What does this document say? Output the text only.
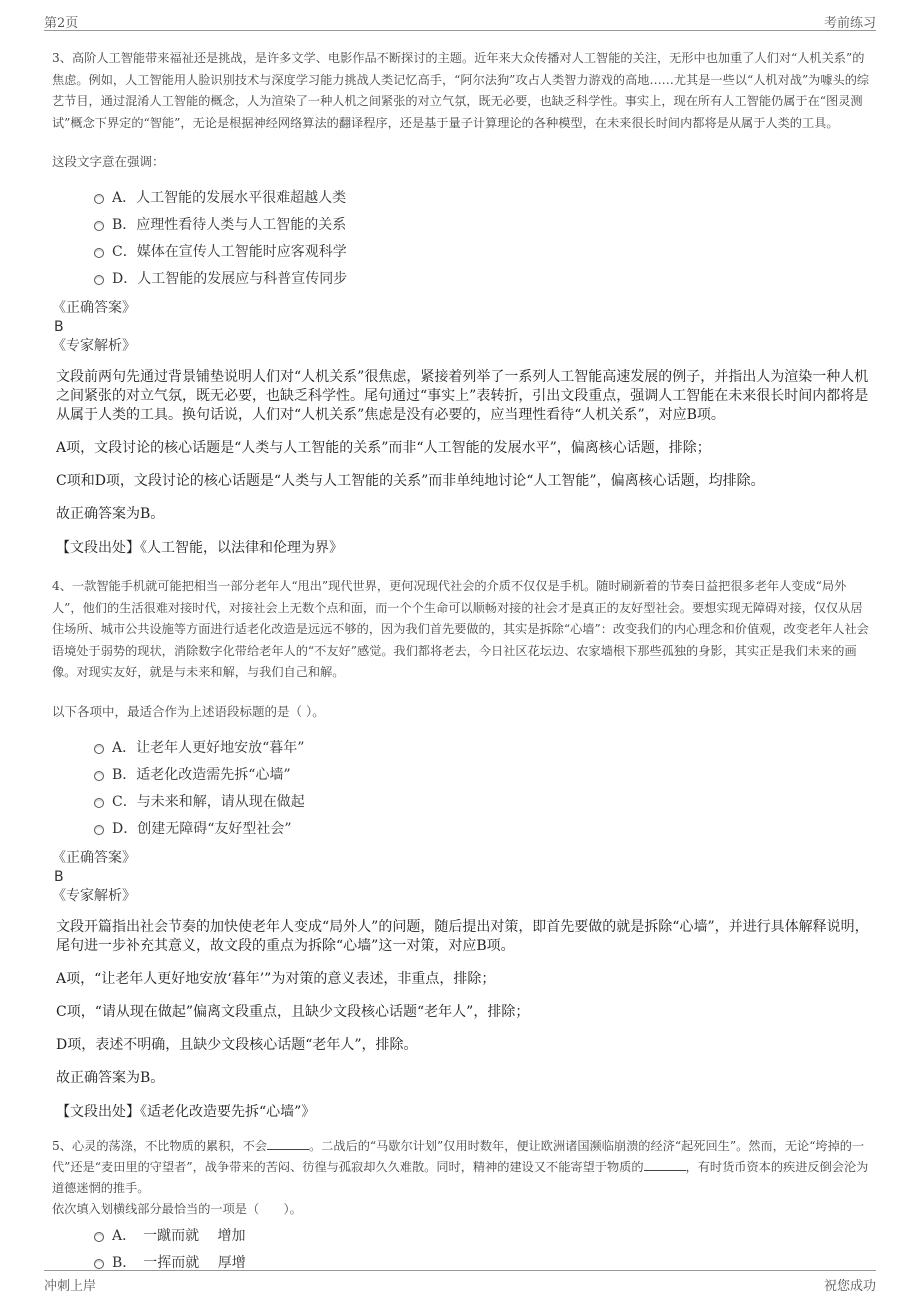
第2页	考前练习

3、高阶人工智能带来福祉还是挑战，是许多文学、电影作品不断探讨的主题。近年来大众传播对人工智能的关注，无形中也加重了人们对“人机关系”的焦虑。例如，人工智能用人脸识别技术与深度学习能力挑战人类记忆高手，“阿尔法狗”攻占人类智力游戏的高地……尤其是一些以“人机对战”为噱头的综艺节目，通过混淆人工智能的概念，人为渲染了一种人机之间紧张的对立气氛，既无必要，也缺乏科学性。事实上，现在所有人工智能仍属于在“图灵测试”概念下界定的“智能”，无论是根据神经网络算法的翻译程序，还是基于量子计算理论的各种模型，在未来很长时间内都将是从属于人类的工具。

这段文字意在强调：
A．人工智能的发展水平很难超越人类
B．应理性看待人类与人工智能的关系
C．媒体在宣传人工智能时应客观科学
D．人工智能的发展应与科普宣传同步

《正确答案》

B

《专家解析》

文段前两句先通过背景铺垫说明人们对“人机关系”很焦虑，紧接着列举了一系列人工智能高速发展的例子，并指出人为渲染一种人机之间紧张的对立气氛，既无必要，也缺乏科学性。尾句通过“事实上”表转折，引出文段重点，强调人工智能在未来很长时间内都将是从属于人类的工具。换句话说，人们对“人机关系”焦虑是没有必要的，应当理性看待“人机关系”，对应B项。

A项，文段讨论的核心话题是“人类与人工智能的关系”而非“人工智能的发展水平”，偏离核心话题，排除；

C项和D项，文段讨论的核心话题是“人类与人工智能的关系”而非单纯地讨论“人工智能”，偏离核心话题，均排除。

故正确答案为B。

【文段出处】《人工智能，以法律和伦理为界》

4、一款智能手机就可能把相当一部分老年人“甩出”现代世界，更何况现代社会的介质不仅仅是手机。随时刷新着的节奏日益把很多老年人变成“局外人”，他们的生活很难对接时代，对接社会上无数个点和面，而一个个生命可以顺畅对接的社会才是真正的友好型社会。要想实现无障碍对接，仅仅从居住场所、城市公共设施等方面进行适老化改造是远远不够的，因为我们首先要做的，其实是拆除“心墙”：改变我们的内心理念和价值观，改变老年人社会语境处于弱势的现状，消除数字化带给老年人的“不友好”感觉。我们都将老去，今日社区花坛边、农家墙根下那些孤独的身影，其实正是我们未来的画像。对现实友好，就是与未来和解，与我们自己和解。

以下各项中，最适合作为上述语段标题的是（ ）。
A．让老年人更好地安放“暮年”
B．适老化改造需先拆“心墙”
C．与未来和解，请从现在做起
D．创建无障碍“友好型社会”

《正确答案》

B

《专家解析》

文段开篇指出社会节奏的加快使老年人变成“局外人”的问题，随后提出对策，即首先要做的就是拆除“心墙”，并进行具体解释说明，尾句进一步补充其意义，故文段的重点为拆除“心墙”这一对策，对应B项。

A项，“让老年人更好地安放‘暮年’”为对策的意义表述，非重点，排除；

C项，“请从现在做起”偏离文段重点，且缺少文段核心话题“老年人”，排除；

D项，表述不明确，且缺少文段核心话题“老年人”，排除。

故正确答案为B。

【文段出处】《适老化改造要先拆“心墙”》

5、心灵的荡涤，不比物质的累积，不会	。二战后的“马歇尔计划”仅用时数年，便让欧洲诸国濒临崩溃的经济“起死回生”。然而，无论“垮掉的一代”还是“麦田里的守望者”，战争带来的苦闷、彷徨与孤寂却久久难散。同时，精神的建设又不能寄望于物质的	，有时货币资本的疾进反倒会沦为道德迷惘的推手。

依次填入划横线部分最恰当的一项是（　　）。

A．　一蹴而就　 增加
B．　一挥而就　 厚增
冲刺上岸	祝您成功
